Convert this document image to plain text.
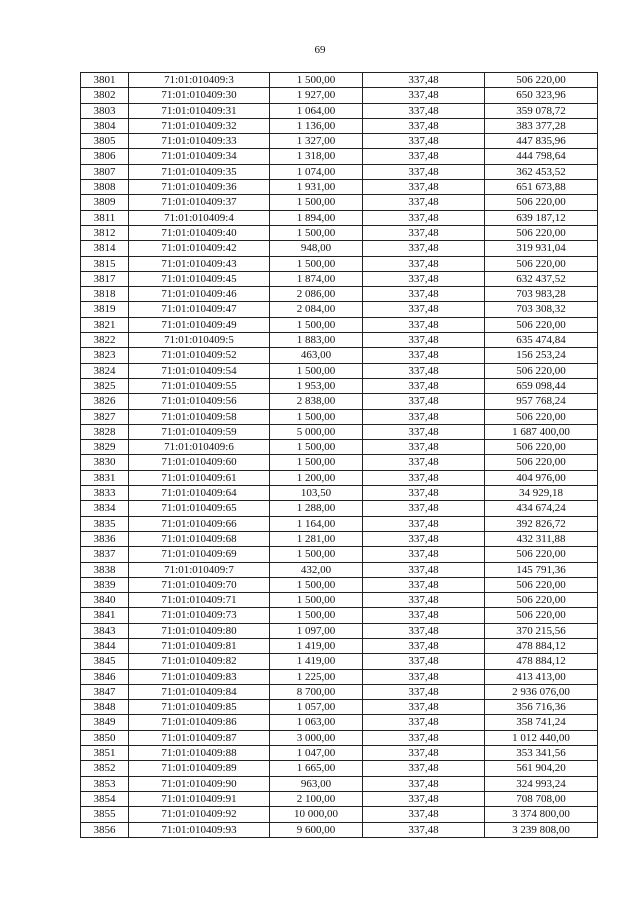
69
3801	71:01:010409:3	1 500,00	337,48	506 220,00
3802	71:01:010409:30	1 927,00	337,48	650 323,96
3803	71:01:010409:31	1 064,00	337,48	359 078,72
3804	71:01:010409:32	1 136,00	337,48	383 377,28
3805	71:01:010409:33	1 327,00	337,48	447 835,96
3806	71:01:010409:34	1 318,00	337,48	444 798,64
3807	71:01:010409:35	1 074,00	337,48	362 453,52
3808	71:01:010409:36	1 931,00	337,48	651 673,88
3809	71:01:010409:37	1 500,00	337,48	506 220,00
3811	71:01:010409:4	1 894,00	337,48	639 187,12
3812	71:01:010409:40	1 500,00	337,48	506 220,00
3814	71:01:010409:42	948,00	337,48	319 931,04
3815	71:01:010409:43	1 500,00	337,48	506 220,00
3817	71:01:010409:45	1 874,00	337,48	632 437,52
3818	71:01:010409:46	2 086,00	337,48	703 983,28
3819	71:01:010409:47	2 084,00	337,48	703 308,32
3821	71:01:010409:49	1 500,00	337,48	506 220,00
3822	71:01:010409:5	1 883,00	337,48	635 474,84
3823	71:01:010409:52	463,00	337,48	156 253,24
3824	71:01:010409:54	1 500,00	337,48	506 220,00
3825	71:01:010409:55	1 953,00	337,48	659 098,44
3826	71:01:010409:56	2 838,00	337,48	957 768,24
3827	71:01:010409:58	1 500,00	337,48	506 220,00
3828	71:01:010409:59	5 000,00	337,48	1 687 400,00
3829	71:01:010409:6	1 500,00	337,48	506 220,00
3830	71:01:010409:60	1 500,00	337,48	506 220,00
3831	71:01:010409:61	1 200,00	337,48	404 976,00
3833	71:01:010409:64	103,50	337,48	34 929,18
3834	71:01:010409:65	1 288,00	337,48	434 674,24
3835	71:01:010409:66	1 164,00	337,48	392 826,72
3836	71:01:010409:68	1 281,00	337,48	432 311,88
3837	71:01:010409:69	1 500,00	337,48	506 220,00
3838	71:01:010409:7	432,00	337,48	145 791,36
3839	71:01:010409:70	1 500,00	337,48	506 220,00
3840	71:01:010409:71	1 500,00	337,48	506 220,00
3841	71:01:010409:73	1 500,00	337,48	506 220,00
3843	71:01:010409:80	1 097,00	337,48	370 215,56
3844	71:01:010409:81	1 419,00	337,48	478 884,12
3845	71:01:010409:82	1 419,00	337,48	478 884,12
3846	71:01:010409:83	1 225,00	337,48	413 413,00
3847	71:01:010409:84	8 700,00	337,48	2 936 076,00
3848	71:01:010409:85	1 057,00	337,48	356 716,36
3849	71:01:010409:86	1 063,00	337,48	358 741,24
3850	71:01:010409:87	3 000,00	337,48	1 012 440,00
3851	71:01:010409:88	1 047,00	337,48	353 341,56
3852	71:01:010409:89	1 665,00	337,48	561 904,20
3853	71:01:010409:90	963,00	337,48	324 993,24
3854	71:01:010409:91	2 100,00	337,48	708 708,00
3855	71:01:010409:92	10 000,00	337,48	3 374 800,00
3856	71:01:010409:93	9 600,00	337,48	3 239 808,00
